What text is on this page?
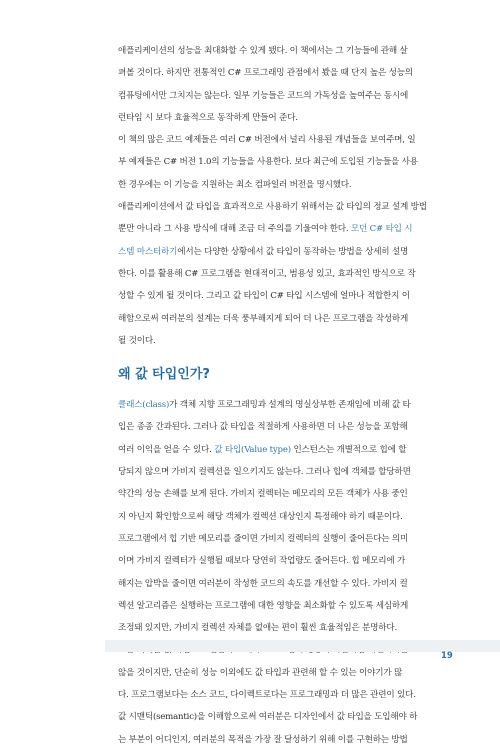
애플리케이션의 성능을 최대화할 수 있게 됐다. 이 책에서는 그 기능들에 관해 살
펴볼 것이다. 하지만 전통적인 C# 프로그래밍 관점에서 봤을 때 단지 높은 성능의
컴퓨팅에서만 그치지는 않는다. 일부 기능들은 코드의 가독성을 높여주는 동시에
런타임 시 보다 효율적으로 동작하게 만들어 준다.

이 책의 많은 코드 예제들은 여러 C# 버전에서 널리 사용된 개념들을 보여주며, 일
부 예제들은 C# 버전 1.0의 기능들을 사용한다. 보다 최근에 도입된 기능들을 사용
한 경우에는 이 기능을 지원하는 최소 컴파일러 버전을 명시했다.

애플리케이션에서 값 타입을 효과적으로 사용하기 위해서는 값 타입의 정교 설계 방법
뿐만 아니라 그 사용 방식에 대해 조금 더 주의를 기울여야 한다. 모던 C# 타입 시
스템 마스터하기에서는 다양한 상황에서 값 타입이 동작하는 방법을 상세히 설명
한다. 이를 활용해 C# 프로그램을 현대적이고, 범용성 있고, 효과적인 방식으로 작
성할 수 있게 될 것이다. 그리고 값 타입이 C# 타입 시스템에 얼마나 적합한지 이
해함으로써 여러분의 설계는 더욱 풍부해지게 되어 더 나은 프로그램을 작성하게
될 것이다.

왜 값 타입인가?

클래스(class)가 객체 지향 프로그래밍과 설계의 명실상부한 존재임에 비해 값 타
입은 종종 간과된다. 그러나 값 타입을 적절하게 사용하면 더 나은 성능을 포함해
여러 이익을 얻을 수 있다. 값 타입(Value type) 인스턴스는 개별적으로 힙에 할
당되지 않으며 가비지 컬렉션을 일으키지도 않는다. 그러나 힙에 객체를 할당하면
약간의 성능 손해를 보게 된다. 가비지 컬렉터는 메모리의 모든 객체가 사용 중인
지 아닌지 확인함으로써 해당 객체가 컬렉션 대상인지 특정해야 하기 때문이다.

프로그램에서 힙 기반 메모리를 줄이면 가비지 컬렉터의 실행이 줄어든다는 의미
이며 가비지 컬렉터가 실행될 때보다 당연히 작업량도 줄어든다. 힙 메모리에 가
해지는 압박을 줄이면 여러분이 작성한 코드의 속도를 개선할 수 있다. 가비지 컬
렉션 알고리즘은 실행하는 프로그램에 대한 영향을 최소화할 수 있도록 세심하게
조정돼 있지만, 가비지 컬렉션 자체를 없애는 편이 훨씬 효율적임은 분명하다.

않을 것이지만, 단순히 성능 이외에도 값 타입과 관련해 할 수 있는 이야기가 많
다. 프로그램보다는 소스 코드, 다이렉트로다는 프로그래밍과 더 많은 관련이 있다.
값 시맨틱(semantic)을 이해함으로써 여러분은 디자인에서 값 타입을 도입해야 하
는 부분이 어디인지, 여러분의 목적을 가장 잘 달성하기 위해 이를 구현하는 방법

19
